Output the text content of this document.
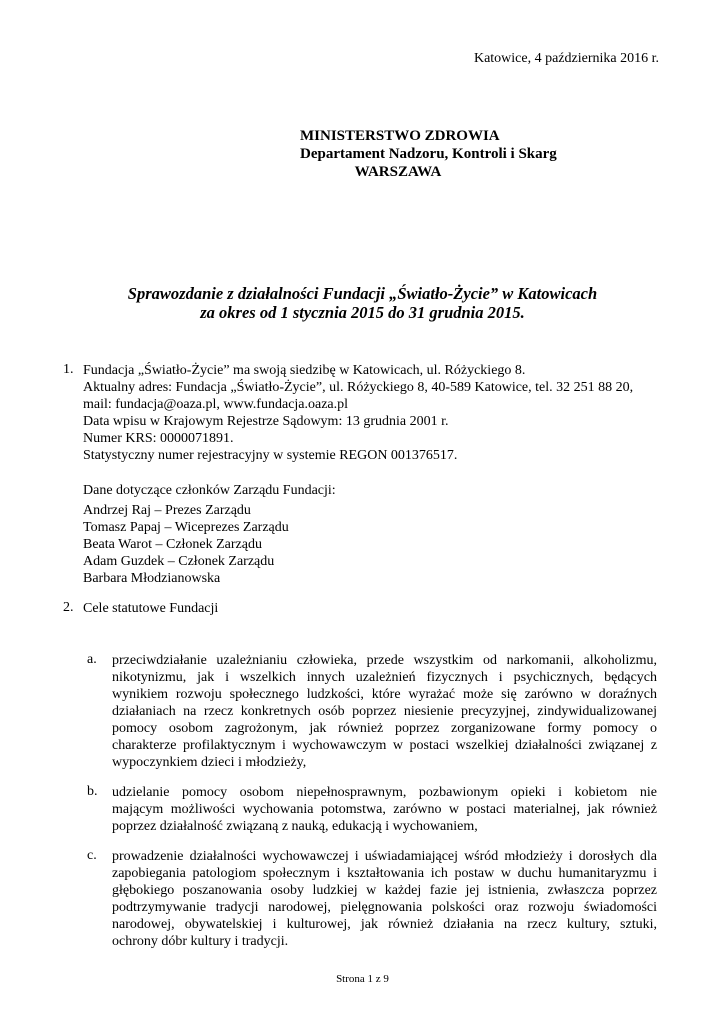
Katowice, 4 października 2016 r.
MINISTERSTWO ZDROWIA
Departament Nadzoru, Kontroli i Skarg
WARSZAWA
Sprawozdanie z działalności Fundacji „Światło-Życie” w Katowicach
za okres od 1 stycznia 2015 do 31 grudnia 2015.
1. Fundacja „Światło-Życie” ma swoją siedzibę w Katowicach, ul. Różyckiego 8.
Aktualny adres: Fundacja „Światło-Życie”, ul. Różyckiego 8, 40-589 Katowice, tel. 32 251 88 20,
mail: fundacja@oaza.pl, www.fundacja.oaza.pl
Data wpisu w Krajowym Rejestrze Sądowym: 13 grudnia 2001 r.
Numer KRS: 0000071891.
Statystyczny numer rejestracyjny w systemie REGON 001376517.
Dane dotyczące członków Zarządu Fundacji:
Andrzej Raj – Prezes Zarządu
Tomasz Papaj – Wiceprezes Zarządu
Beata Warot – Członek Zarządu
Adam Guzdek – Członek Zarządu
Barbara Młodzianowska
2. Cele statutowe Fundacji
a. przeciwdziałanie uzależnianiu człowieka, przede wszystkim od narkomanii, alkoholizmu,
nikotynizmu, jak i wszelkich innych uzależnień fizycznych i psychicznych, będących
wynikiem rozwoju społecznego ludzkości, które wyrażać może się zarówno w doraźnych
działaniach na rzecz konkretnych osób poprzez niesienie precyzyjnej, zindywidualizowanej
pomocy osobom zagrożonym, jak również poprzez zorganizowane formy pomocy o
charakterze profilaktycznym i wychowawczym w postaci wszelkiej działalności związanej z
wypoczynkiem dzieci i młodzieży,
b. udzielanie pomocy osobom niepełnosprawnym, pozbawionym opieki i kobietom nie
mającym możliwości wychowania potomstwa, zarówno w postaci materialnej, jak również
poprzez działalność związaną z nauką, edukacją i wychowaniem,
c. prowadzenie działalności wychowawczej i uświadamiającej wśród młodzieży i dorosłych dla
zapobiegania patologiom społecznym i kształtowania ich postaw w duchu humanitaryzmu i
głębokiego poszanowania osoby ludzkiej w każdej fazie jej istnienia, zwłaszcza poprzez
podtrzymywanie tradycji narodowej, pielęgnowania polskości oraz rozwoju świadomości
narodowej, obywatelskiej i kulturowej, jak również działania na rzecz kultury, sztuki,
ochrony dóbr kultury i tradycji.
Strona 1 z 9
